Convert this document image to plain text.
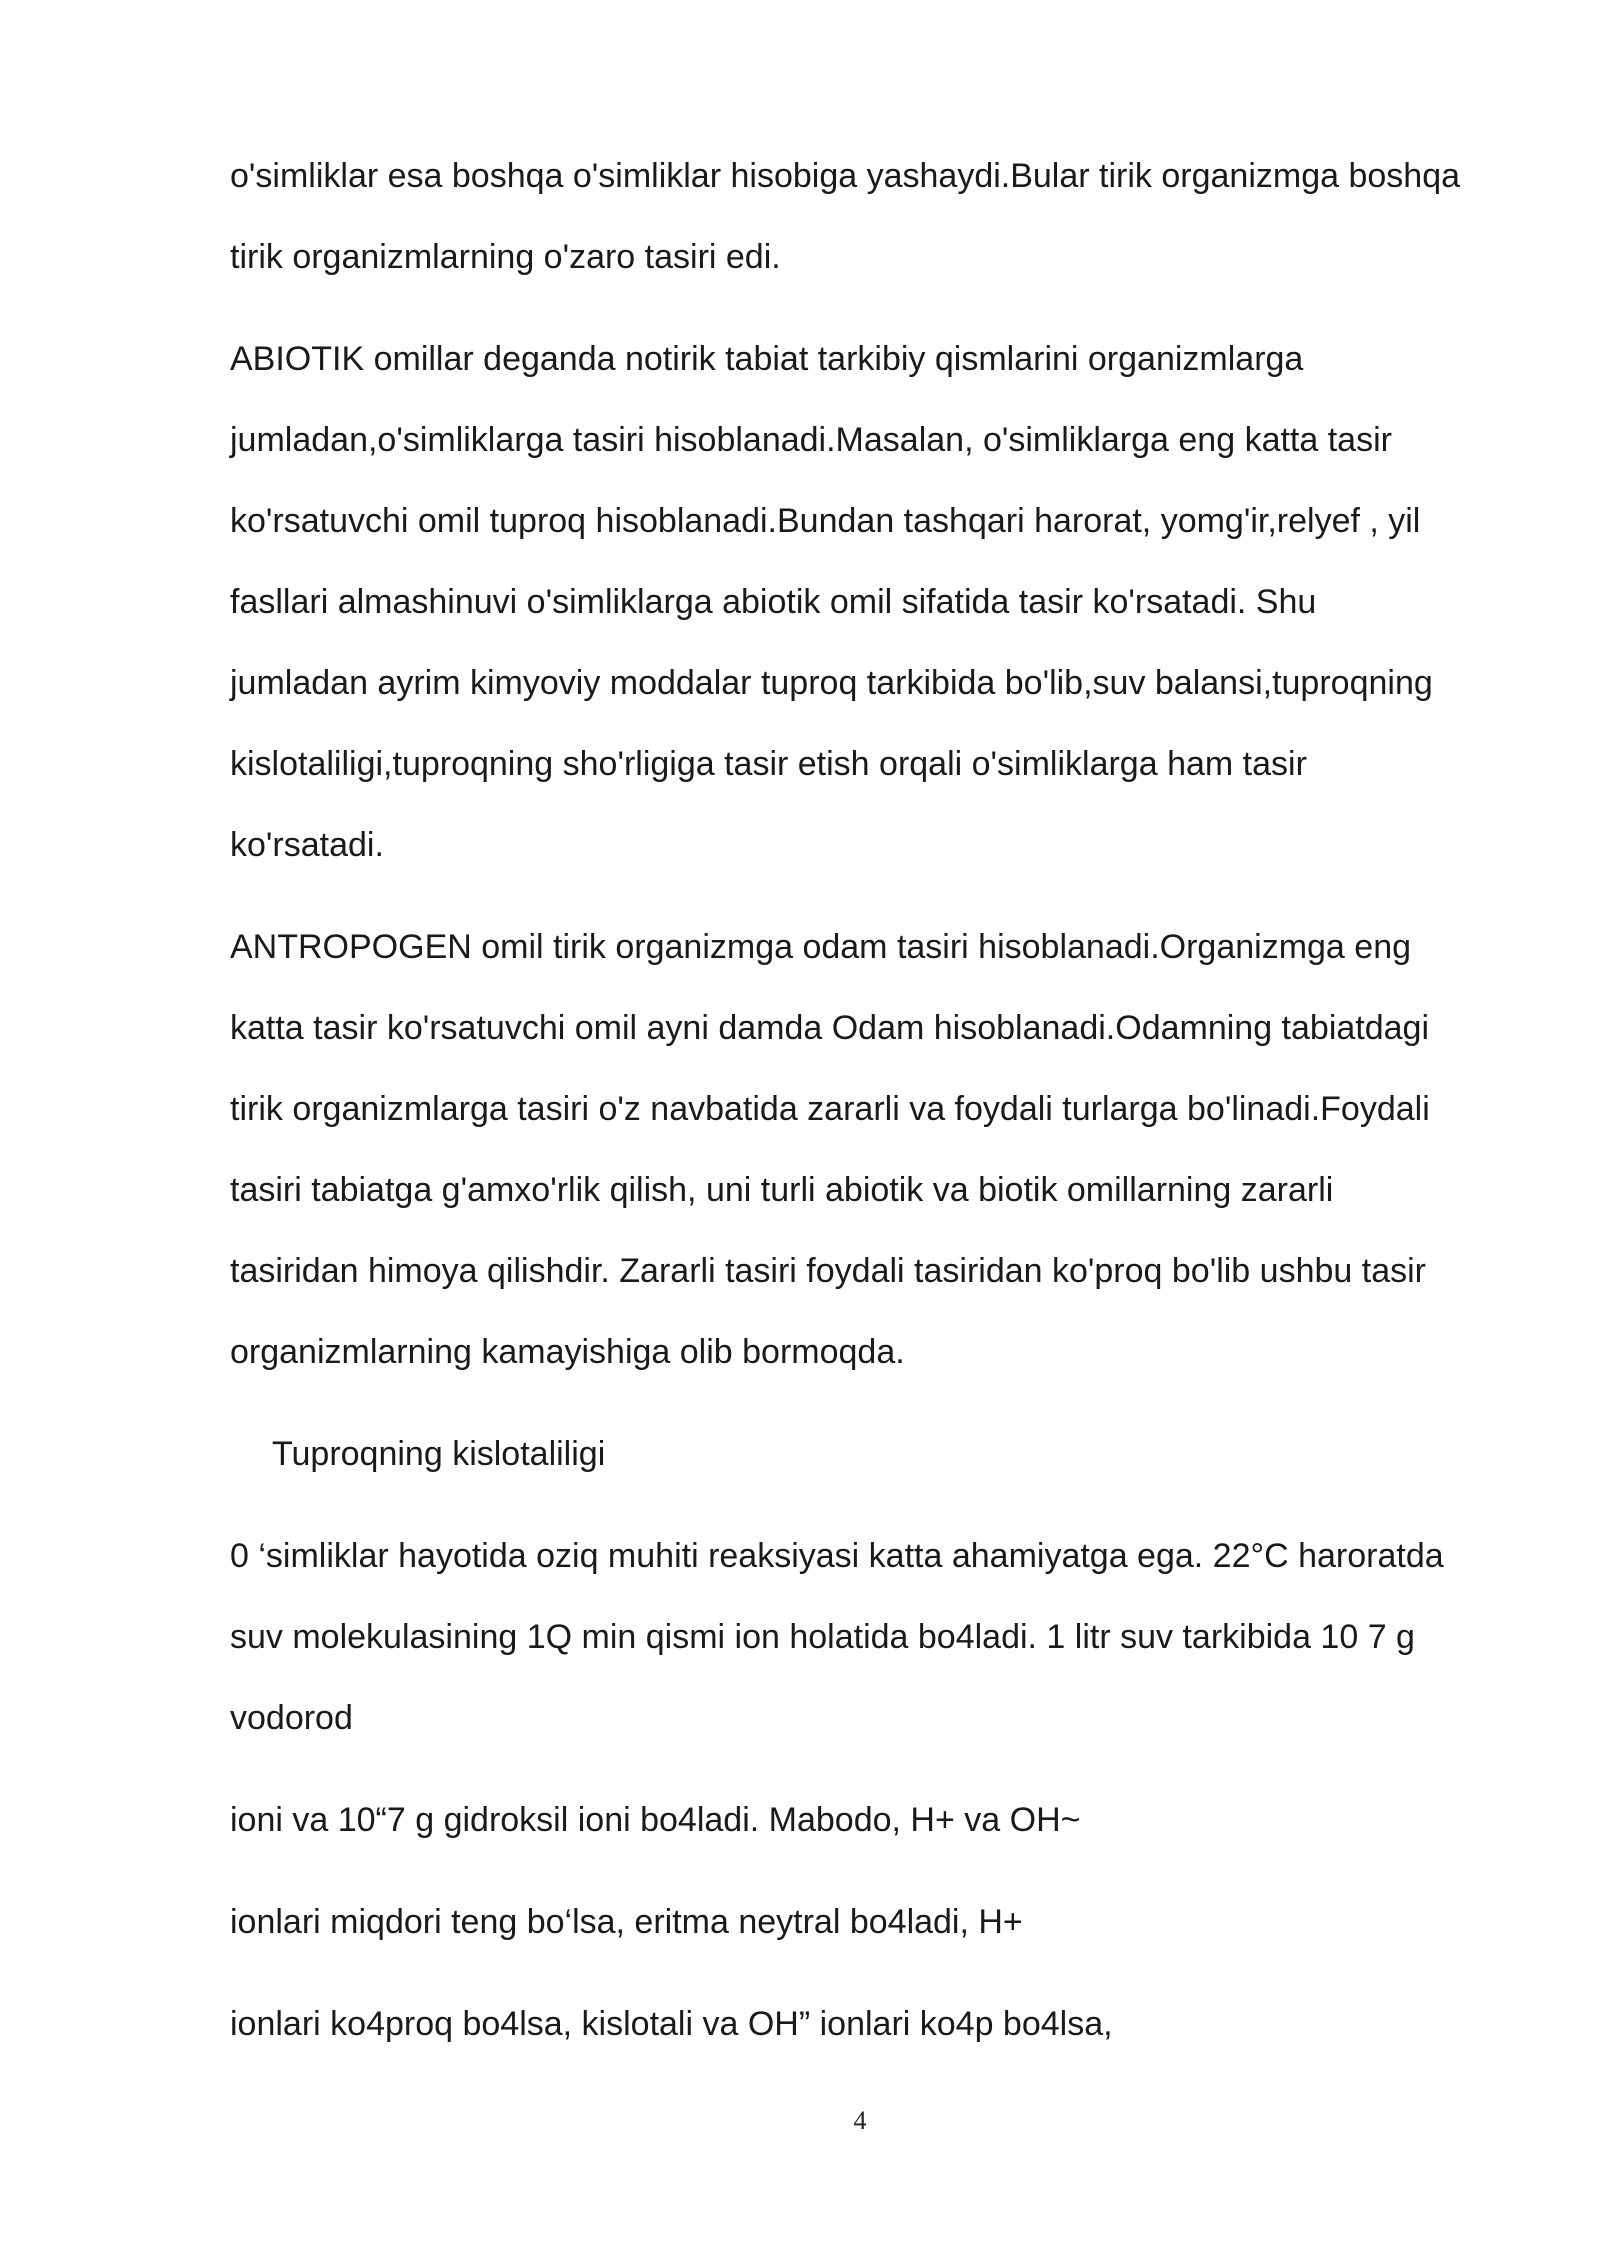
o'simliklar esa boshqa o'simliklar hisobiga yashaydi.Bular tirik organizmga boshqa
tirik organizmlarning o'zaro tasiri edi.
ABIOTIK omillar deganda notirik tabiat tarkibiy qismlarini organizmlarga
jumladan,o'simliklarga tasiri hisoblanadi.Masalan, o'simliklarga eng katta tasir
ko'rsatuvchi omil tuproq hisoblanadi.Bundan tashqari harorat, yomg'ir,relyef , yil
fasllari almashinuvi o'simliklarga abiotik omil sifatida tasir ko'rsatadi. Shu
jumladan ayrim kimyoviy moddalar tuproq tarkibida bo'lib,suv balansi,tuproqning
kislotaliligi,tuproqning sho'rligiga tasir etish orqali o'simliklarga ham tasir
ko'rsatadi.
ANTROPOGEN omil tirik organizmga odam tasiri hisoblanadi.Organizmga eng
katta tasir ko'rsatuvchi omil ayni damda Odam hisoblanadi.Odamning tabiatdagi
tirik organizmlarga tasiri o'z navbatida zararli va foydali turlarga bo'linadi.Foydali
tasiri tabiatga g'amxo'rlik qilish, uni turli abiotik va biotik omillarning zararli
tasiridan himoya qilishdir. Zararli tasiri foydali tasiridan ko'proq bo'lib ushbu tasir
organizmlarning kamayishiga olib bormoqda.
Tuproqning kislotaliligi
0 ‘simliklar hayotida oziq muhiti reaksiyasi katta ahamiyatga ega. 22°C haroratda
suv molekulasining 1Q min qismi ion holatida bo4ladi. 1 litr suv tarkibida 10 7 g
vodorod
ioni va 10“7 g gidroksil ioni bo4ladi. Mabodo, H+ va OH~
ionlari miqdori teng bo‘lsa, eritma neytral bo4ladi, H+
ionlari ko4proq bo4lsa, kislotali va OH” ionlari ko4p bo4lsa,
4
